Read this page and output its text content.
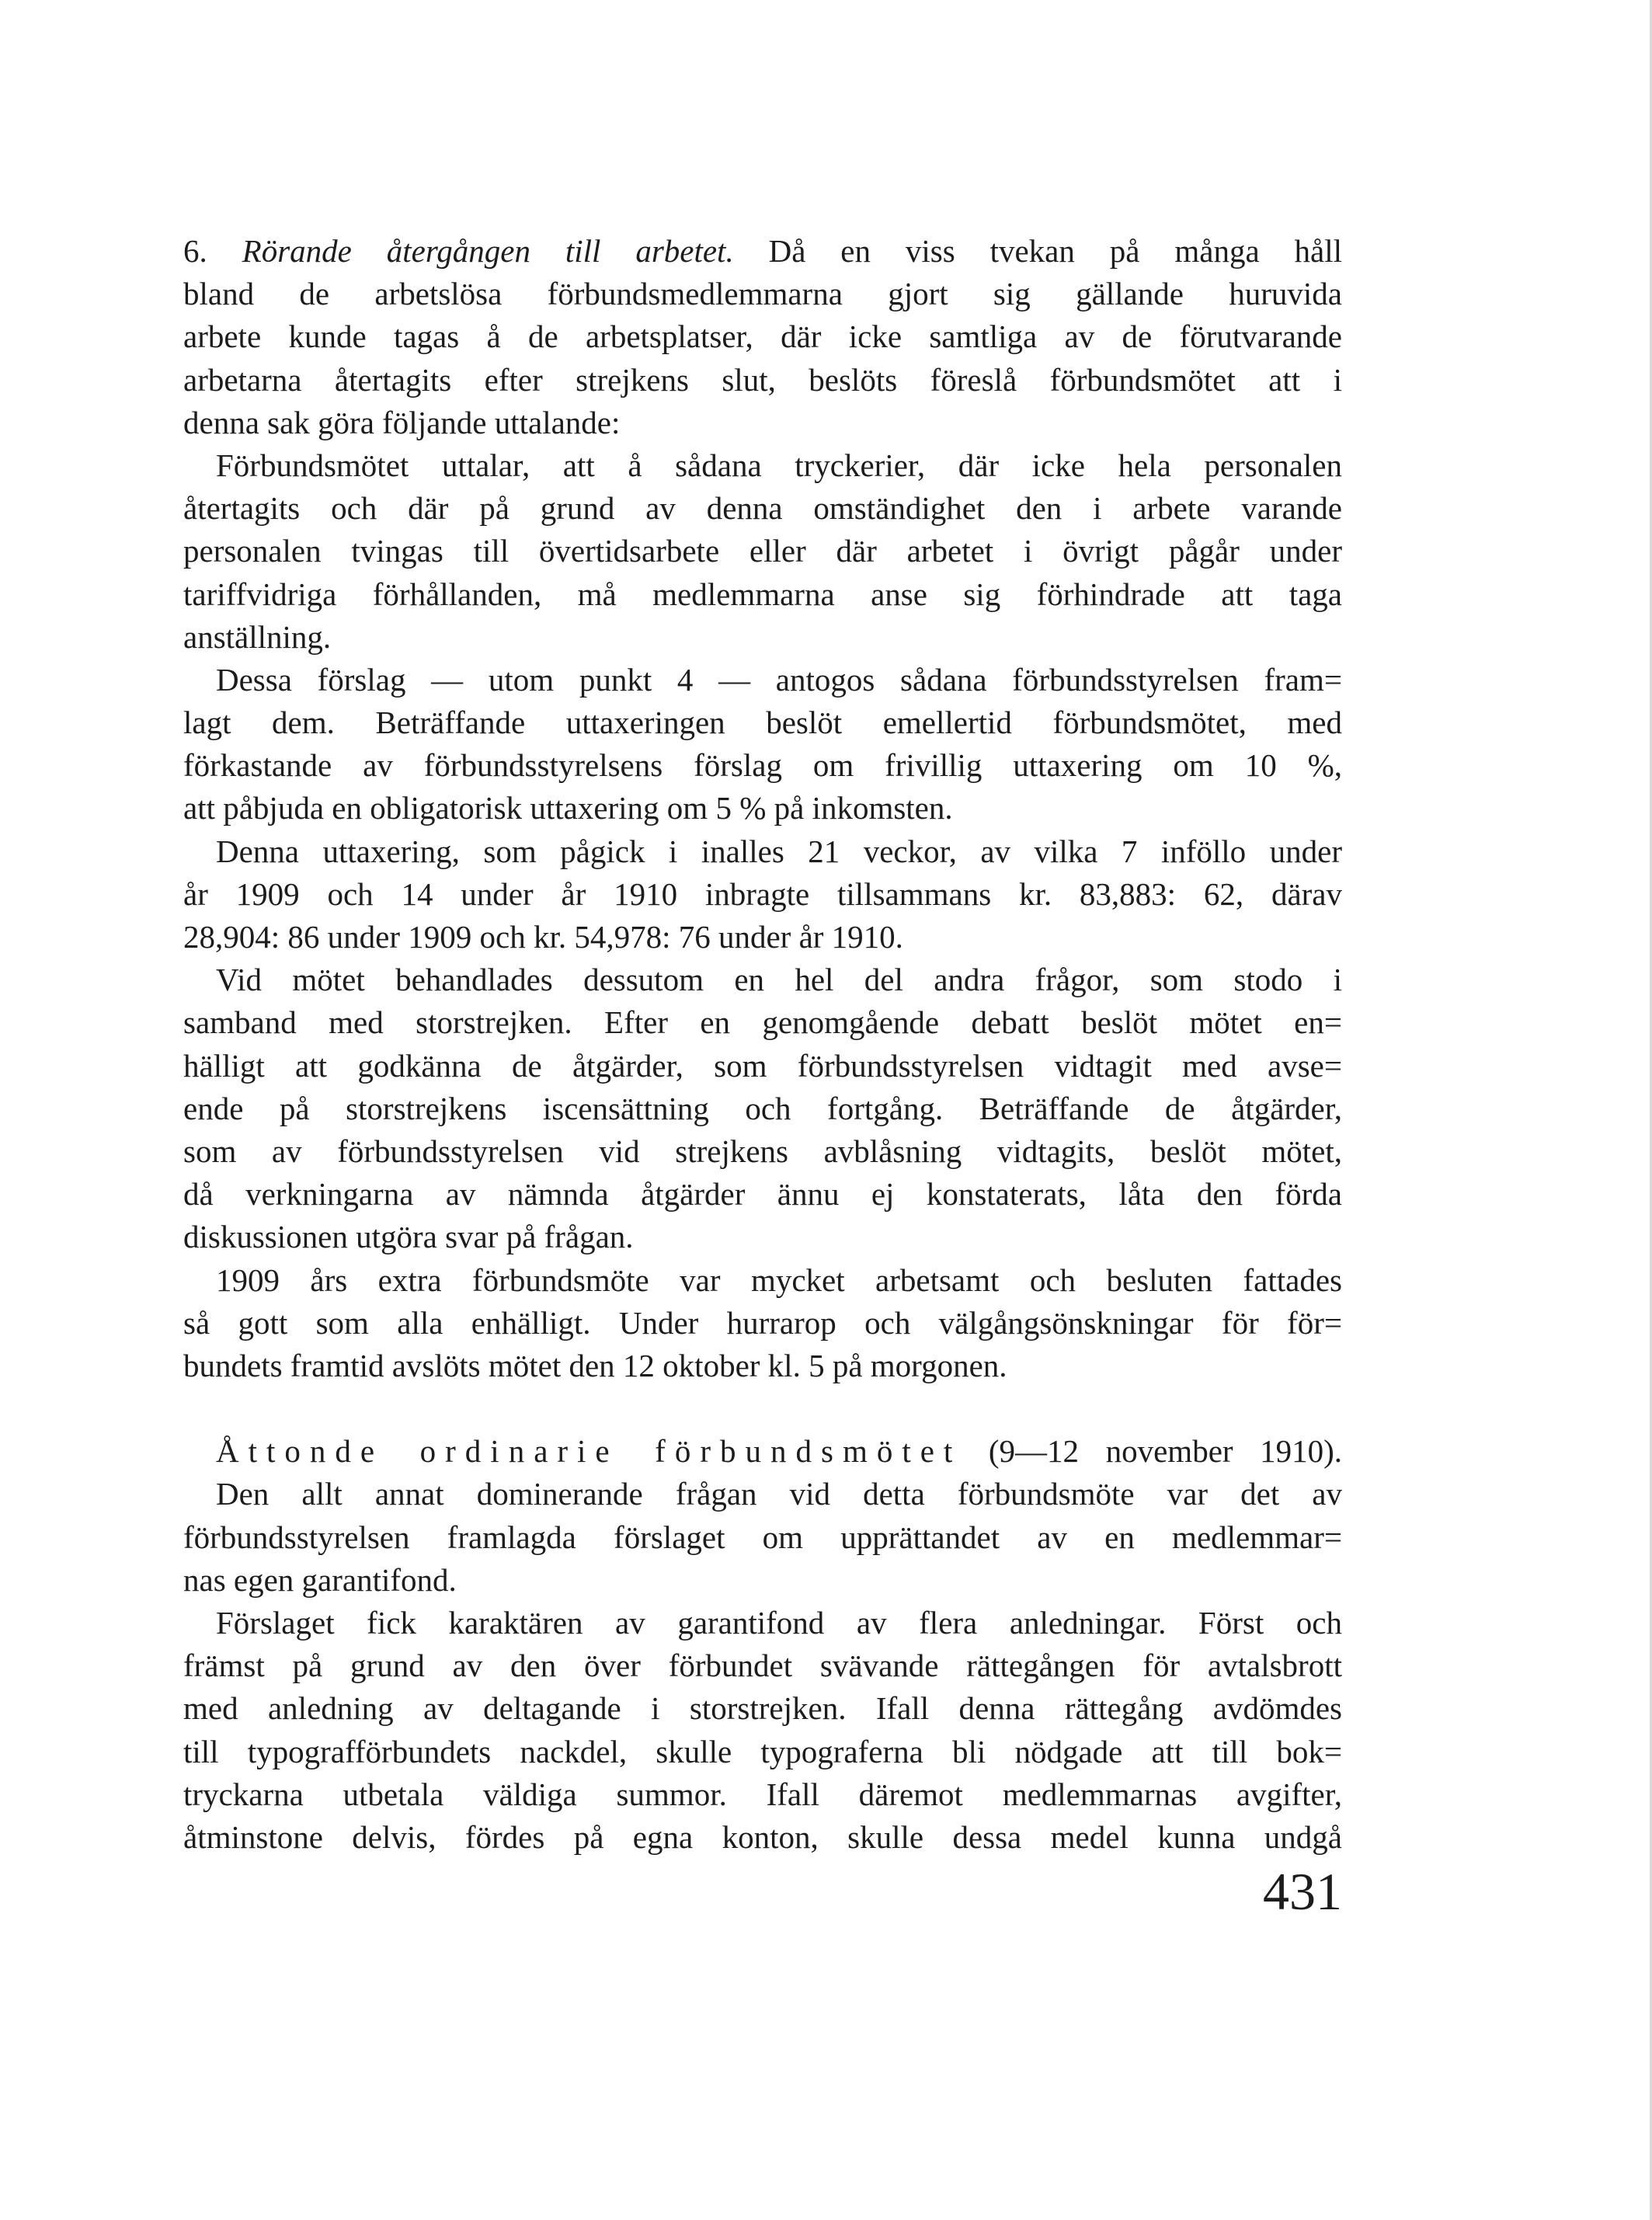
6. Rörande återgången till arbetet. Då en viss tvekan på många håll
bland de arbetslösa förbundsmedlemmarna gjort sig gällande huruvida
arbete kunde tagas å de arbetsplatser, där icke samtliga av de förutvarande
arbetarna återtagits efter strejkens slut, beslöts föreslå förbundsmötet att i
denna sak göra följande uttalande:
Förbundsmötet uttalar, att å sådana tryckerier, där icke hela personalen
återtagits och där på grund av denna omständighet den i arbete varande
personalen tvingas till övertidsarbete eller där arbetet i övrigt pågår under
tariffvidriga förhållanden, må medlemmarna anse sig förhindrade att taga
anställning.
Dessa förslag — utom punkt 4 — antogos sådana förbundsstyrelsen fram=
lagt dem. Beträffande uttaxeringen beslöt emellertid förbundsmötet, med
förkastande av förbundsstyrelsens förslag om frivillig uttaxering om 10 %,
att påbjuda en obligatorisk uttaxering om 5 % på inkomsten.
Denna uttaxering, som pågick i inalles 21 veckor, av vilka 7 inföllo under
år 1909 och 14 under år 1910 inbragte tillsammans kr. 83,883: 62, därav
28,904: 86 under 1909 och kr. 54,978: 76 under år 1910.
Vid mötet behandlades dessutom en hel del andra frågor, som stodo i
samband med storstrejken. Efter en genomgående debatt beslöt mötet en=
hälligt att godkänna de åtgärder, som förbundsstyrelsen vidtagit med avse=
ende på storstrejkens iscensättning och fortgång. Beträffande de åtgärder,
som av förbundsstyrelsen vid strejkens avblåsning vidtagits, beslöt mötet,
då verkningarna av nämnda åtgärder ännu ej konstaterats, låta den förda
diskussionen utgöra svar på frågan.
1909 års extra förbundsmöte var mycket arbetsamt och besluten fattades
så gott som alla enhälligt. Under hurrarop och välgångsönskningar för för=
bundets framtid avslöts mötet den 12 oktober kl. 5 på morgonen.
Åttonde ordinarie förbundsmötet (9—12 november 1910).
Den allt annat dominerande frågan vid detta förbundsmöte var det av
förbundsstyrelsen framlagda förslaget om upprättandet av en medlemmar=
nas egen garantifond.
Förslaget fick karaktären av garantifond av flera anledningar. Först och
främst på grund av den över förbundet svävande rättegången för avtalsbrott
med anledning av deltagande i storstrejken. Ifall denna rättegång avdömdes
till typografförbundets nackdel, skulle typograferna bli nödgade att till bok=
tryckarna utbetala väldiga summor. Ifall däremot medlemmarnas avgifter,
åtminstone delvis, fördes på egna konton, skulle dessa medel kunna undgå
431
